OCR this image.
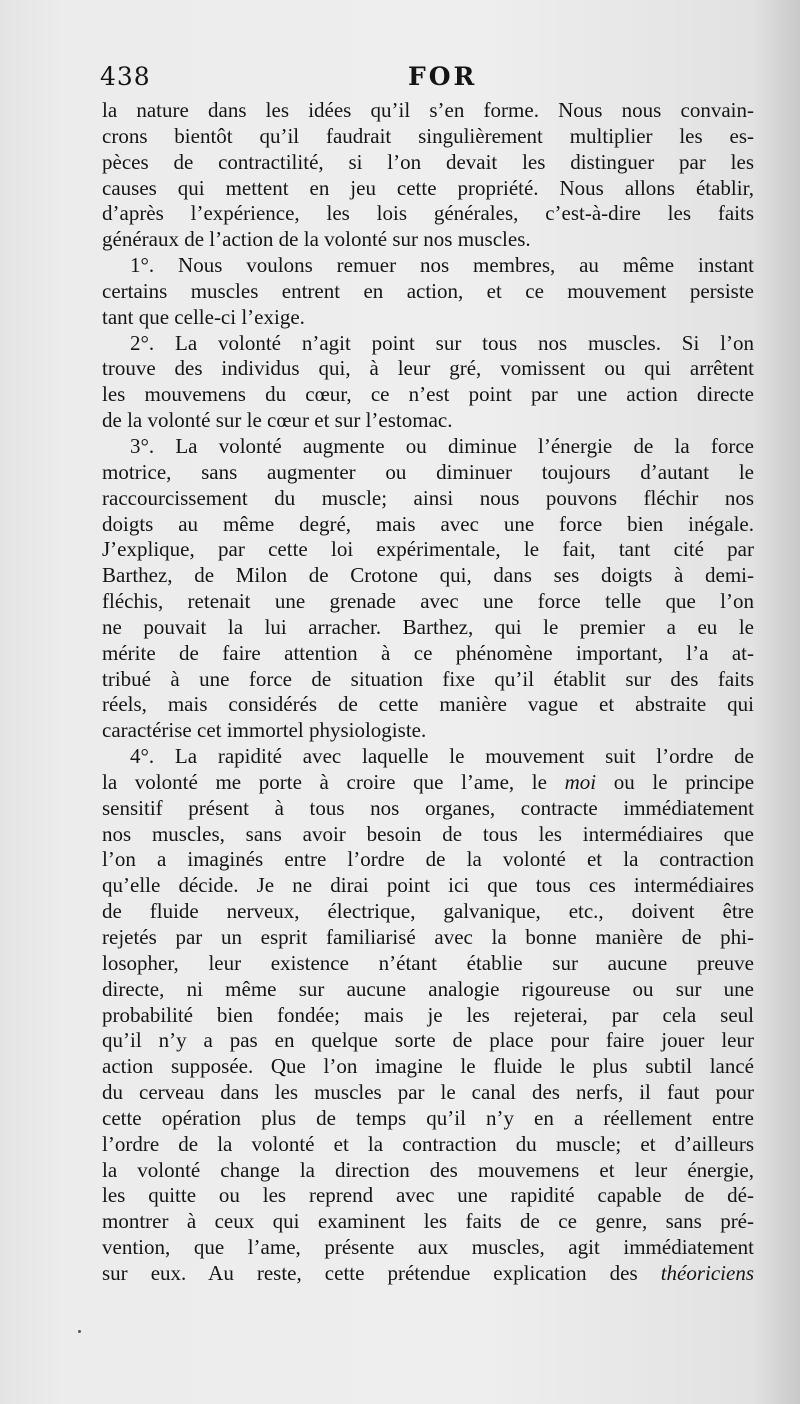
438	FOR
la nature dans les idées qu’il s’en forme. Nous nous convain-
crons bientôt qu’il faudrait singulièrement multiplier les es-
pèces de contractilité, si l’on devait les distinguer par les
causes qui mettent en jeu cette propriété. Nous allons établir,
d’après l’expérience, les lois générales, c’est-à-dire les faits
généraux de l’action de la volonté sur nos muscles.
1°. Nous voulons remuer nos membres, au même instant
certains muscles entrent en action, et ce mouvement persiste
tant que celle-ci l’exige.
2°. La volonté n’agit point sur tous nos muscles. Si l’on
trouve des individus qui, à leur gré, vomissent ou qui arrêtent
les mouvemens du cœur, ce n’est point par une action directe
de la volonté sur le cœur et sur l’estomac.
3°. La volonté augmente ou diminue l’énergie de la force
motrice, sans augmenter ou diminuer toujours d’autant le
raccourcissement du muscle; ainsi nous pouvons fléchir nos
doigts au même degré, mais avec une force bien inégale.
J’explique, par cette loi expérimentale, le fait, tant cité par
Barthez, de Milon de Crotone qui, dans ses doigts à demi-
fléchis, retenait une grenade avec une force telle que l’on
ne pouvait la lui arracher. Barthez, qui le premier a eu le
mérite de faire attention à ce phénomène important, l’a at-
tribué à une force de situation fixe qu’il établit sur des faits
réels, mais considérés de cette manière vague et abstraite qui
caractérise cet immortel physiologiste.
4°. La rapidité avec laquelle le mouvement suit l’ordre de
la volonté me porte à croire que l’ame, le moi ou le principe
sensitif présent à tous nos organes, contracte immédiatement
nos muscles, sans avoir besoin de tous les intermédiaires que
l’on a imaginés entre l’ordre de la volonté et la contraction
qu’elle décide. Je ne dirai point ici que tous ces intermédiaires
de fluide nerveux, électrique, galvanique, etc., doivent être
rejetés par un esprit familiarisé avec la bonne manière de phi-
losopher, leur existence n’étant établie sur aucune preuve
directe, ni même sur aucune analogie rigoureuse ou sur une
probabilité bien fondée; mais je les rejeterai, par cela seul
qu’il n’y a pas en quelque sorte de place pour faire jouer leur
action supposée. Que l’on imagine le fluide le plus subtil lancé
du cerveau dans les muscles par le canal des nerfs, il faut pour
cette opération plus de temps qu’il n’y en a réellement entre
l’ordre de la volonté et la contraction du muscle; et d’ailleurs
la volonté change la direction des mouvemens et leur énergie,
les quitte ou les reprend avec une rapidité capable de dé-
montrer à ceux qui examinent les faits de ce genre, sans pré-
vention, que l’ame, présente aux muscles, agit immédiatement
sur eux. Au reste, cette prétendue explication des théoriciens
